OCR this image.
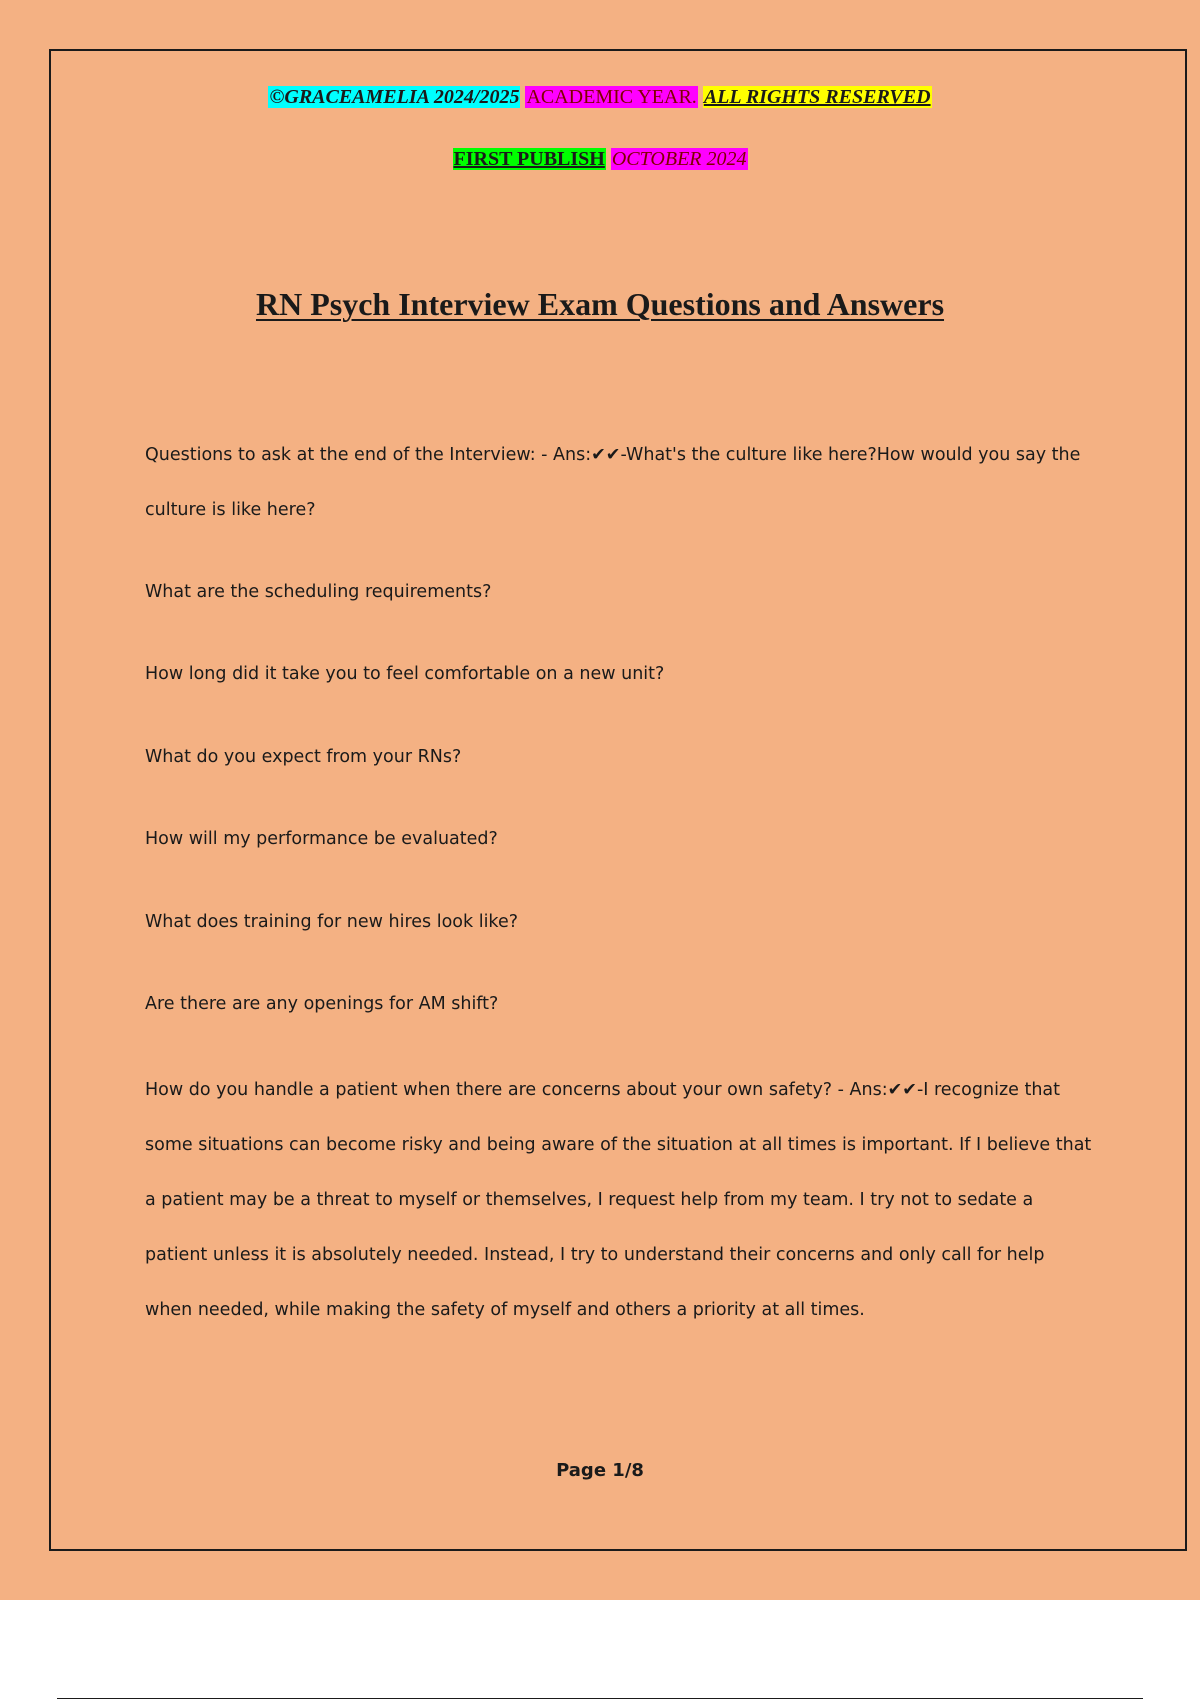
©GRACEAMELIA 2024/2025 ACADEMIC YEAR. ALL RIGHTS RESERVED
FIRST PUBLISH OCTOBER 2024
RN Psych Interview Exam Questions and Answers

Questions to ask at the end of the Interview: - Ans:✔✔-What's the culture like here?How would you say the culture is like here?

What are the scheduling requirements?

How long did it take you to feel comfortable on a new unit?

What do you expect from your RNs?

How will my performance be evaluated?

What does training for new hires look like?

Are there are any openings for AM shift?

How do you handle a patient when there are concerns about your own safety? - Ans:✔✔-I recognize that some situations can become risky and being aware of the situation at all times is important. If I believe that a patient may be a threat to myself or themselves, I request help from my team. I try not to sedate a patient unless it is absolutely needed. Instead, I try to understand their concerns and only call for help when needed, while making the safety of myself and others a priority at all times.

Page 1/8
